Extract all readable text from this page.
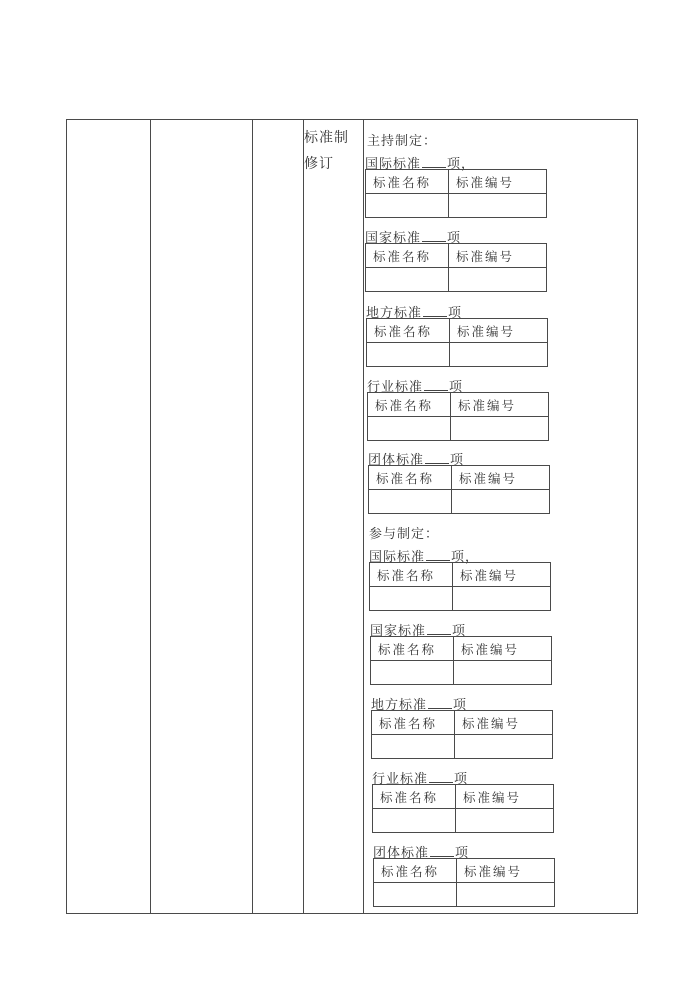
标准制修订
主持制定：
国际标准 项，
标准名称	标准编号

国家标准 项
标准名称	标准编号

地方标准 项
标准名称	标准编号

行业标准 项
标准名称	标准编号

团体标准 项
标准名称	标准编号

参与制定：
国际标准 项，
标准名称	标准编号

国家标准 项
标准名称	标准编号

地方标准 项
标准名称	标准编号

行业标准 项
标准名称	标准编号

团体标准 项
标准名称	标准编号
